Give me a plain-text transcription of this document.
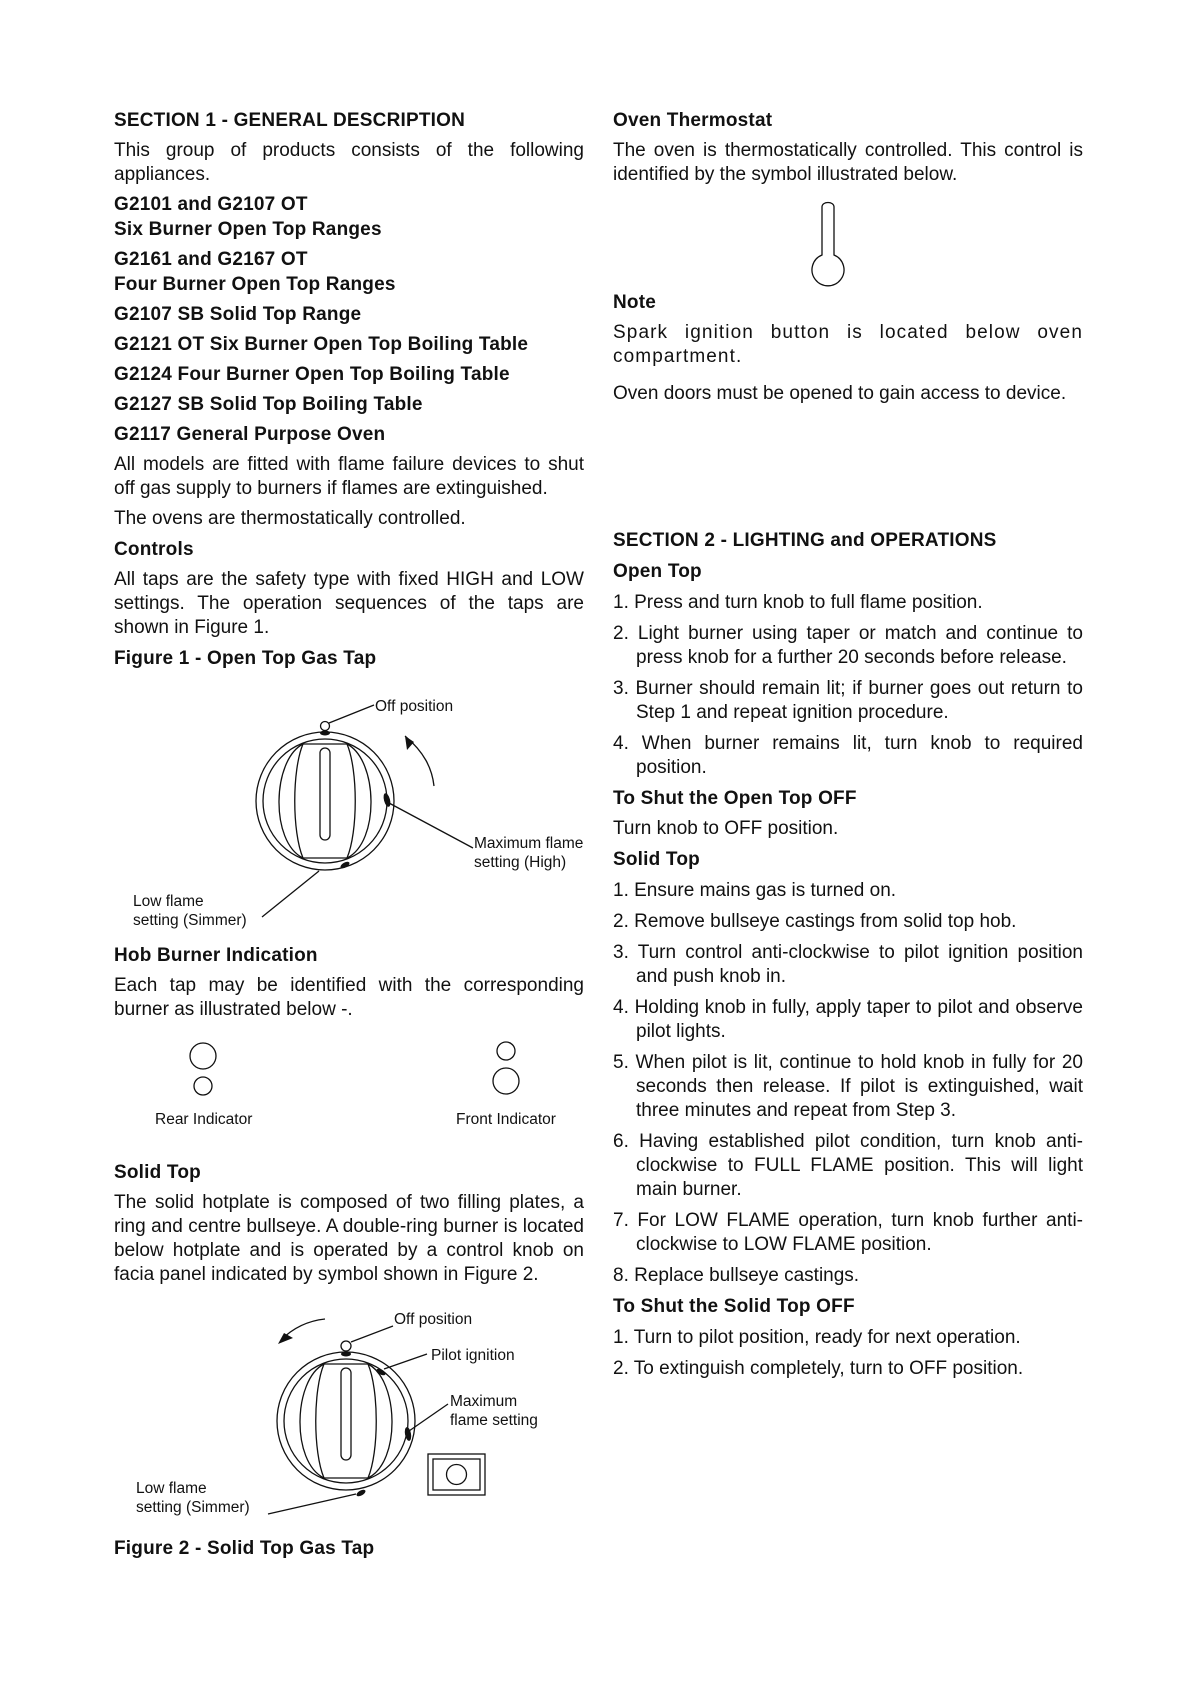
SECTION 1 - GENERAL DESCRIPTION

This group of products consists of the following appliances.

G2101 and G2107 OT

Six Burner Open Top Ranges

G2161 and G2167 OT

Four Burner Open Top Ranges

G2107 SB Solid Top Range

G2121 OT Six Burner Open Top Boiling Table

G2124 Four Burner Open Top Boiling Table

G2127 SB Solid Top Boiling Table

G2117 General Purpose Oven

All models are fitted with flame failure devices to shut off gas supply to burners if flames are extinguished.

The ovens are thermostatically controlled.

Controls

All taps are the safety type with fixed HIGH and LOW settings. The operation sequences of the taps are shown in Figure 1.

Figure 1 - Open Top Gas Tap

Off position
Maximum flame
setting (High)
Low flame
setting (Simmer)

Hob Burner Indication

Each tap may be identified with the corresponding burner as illustrated below -.

Rear Indicator	Front Indicator

Solid Top

The solid hotplate is composed of two filling plates, a ring and centre bullseye. A double-ring burner is located below hotplate and is operated by a control knob on facia panel indicated by symbol shown in Figure 2.

Off position
Pilot ignition
Maximum
flame setting
Low flame
setting (Simmer)

Figure 2 - Solid Top Gas Tap

Oven Thermostat

The oven is thermostatically controlled. This control is identified by the symbol illustrated below.

Note

Spark ignition button is located below oven compartment.

Oven doors must be opened to gain access to device.

SECTION 2 - LIGHTING and OPERATIONS

Open Top

1. Press and turn knob to full flame position.
2. Light burner using taper or match and continue to press knob for a further 20 seconds before release.
3. Burner should remain lit; if burner goes out return to Step 1 and repeat ignition procedure.
4. When burner remains lit, turn knob to required position.

To Shut the Open Top OFF

Turn knob to OFF position.

Solid Top

1. Ensure mains gas is turned on.
2. Remove bullseye castings from solid top hob.
3. Turn control anti-clockwise to pilot ignition position and push knob in.
4. Holding knob in fully, apply taper to pilot and observe pilot lights.
5. When pilot is lit, continue to hold knob in fully for 20 seconds then release. If pilot is extinguished, wait three minutes and repeat from Step 3.
6. Having established pilot condition, turn knob anti-clockwise to FULL FLAME position. This will light main burner.
7. For LOW FLAME operation, turn knob further anti-clockwise to LOW FLAME position.
8. Replace bullseye castings.

To Shut the Solid Top OFF

1. Turn to pilot position, ready for next operation.
2. To extinguish completely, turn to OFF position.
